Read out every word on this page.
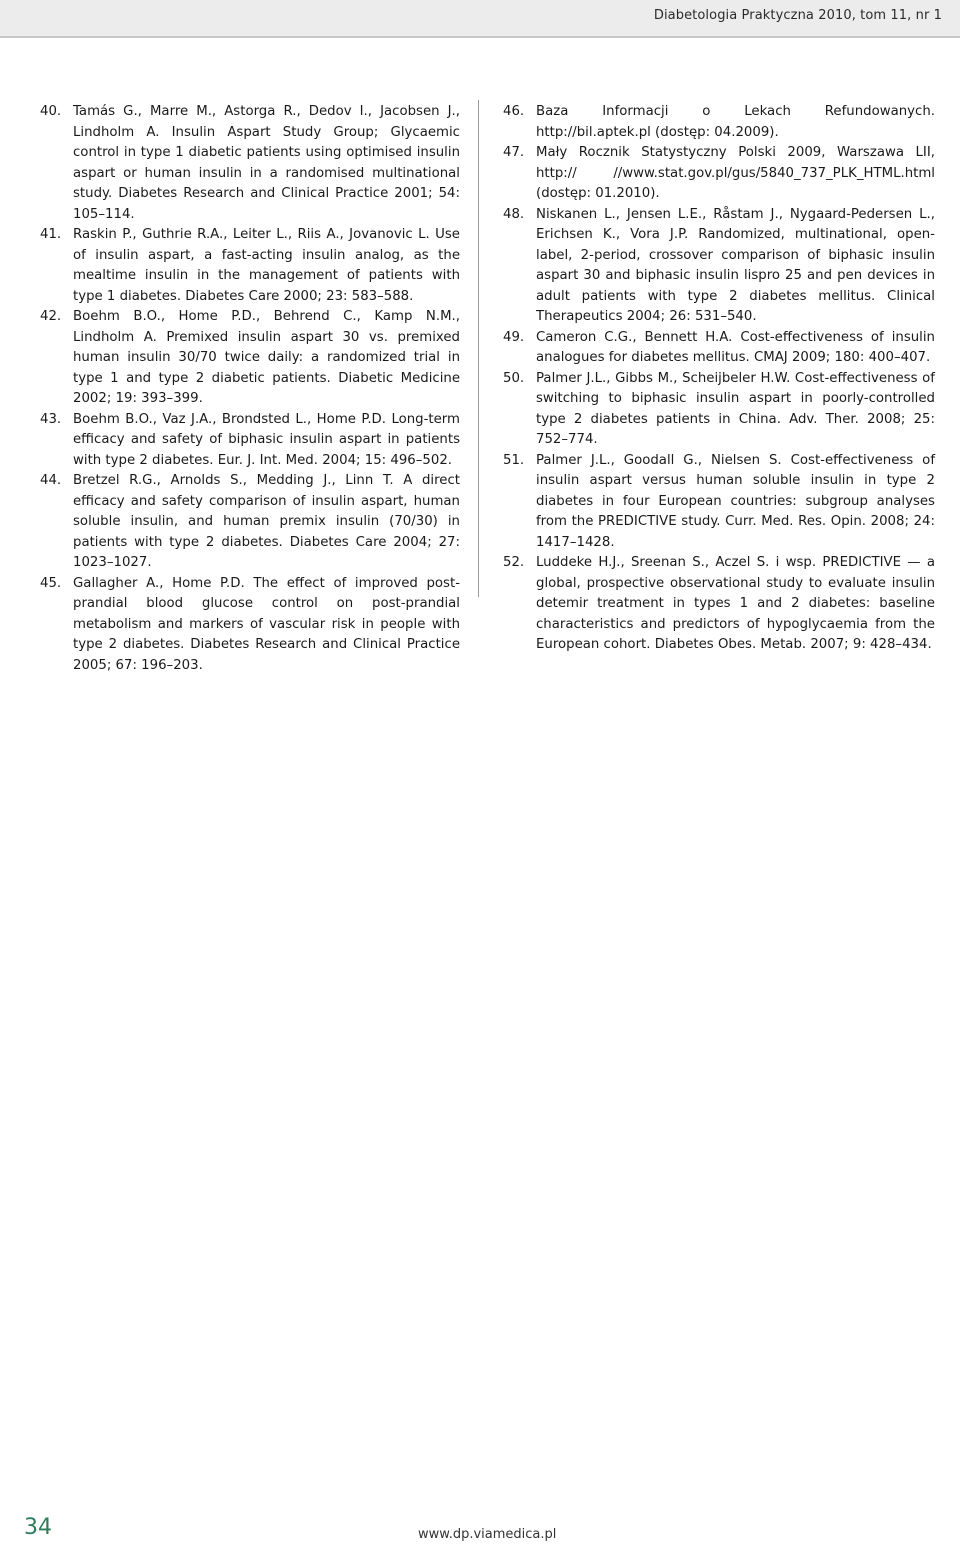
Diabetologia Praktyczna 2010, tom 11, nr 1
40. Tamás G., Marre M., Astorga R., Dedov I., Jacobsen J., Lindholm A. Insulin Aspart Study Group; Glycaemic control in type 1 diabetic patients using optimised insulin aspart or human insulin in a randomised multinational study. Diabetes Research and Clinical Practice 2001; 54: 105–114.
41. Raskin P., Guthrie R.A., Leiter L., Riis A., Jovanovic L. Use of insulin aspart, a fast-acting insulin analog, as the mealtime insulin in the management of patients with type 1 diabetes. Diabetes Care 2000; 23: 583–588.
42. Boehm B.O., Home P.D., Behrend C., Kamp N.M., Lindholm A. Premixed insulin aspart 30 vs. premixed human insulin 30/70 twice daily: a randomized trial in type 1 and type 2 diabetic patients. Diabetic Medicine 2002; 19: 393–399.
43. Boehm B.O., Vaz J.A., Brondsted L., Home P.D. Long-term efficacy and safety of biphasic insulin aspart in patients with type 2 diabetes. Eur. J. Int. Med. 2004; 15: 496–502.
44. Bretzel R.G., Arnolds S., Medding J., Linn T. A direct efficacy and safety comparison of insulin aspart, human soluble insulin, and human premix insulin (70/30) in patients with type 2 diabetes. Diabetes Care 2004; 27: 1023–1027.
45. Gallagher A., Home P.D. The effect of improved post-prandial blood glucose control on post-prandial metabolism and markers of vascular risk in people with type 2 diabetes. Diabetes Research and Clinical Practice 2005; 67: 196–203.
46. Baza Informacji o Lekach Refundowanych. http://bil.aptek.pl (dostęp: 04.2009).
47. Mały Rocznik Statystyczny Polski 2009, Warszawa LII, http:// //www.stat.gov.pl/gus/5840_737_PLK_HTML.html (dostęp: 01.2010).
48. Niskanen L., Jensen L.E., Råstam J., Nygaard-Pedersen L., Erichsen K., Vora J.P. Randomized, multinational, open-label, 2-period, crossover comparison of biphasic insulin aspart 30 and biphasic insulin lispro 25 and pen devices in adult patients with type 2 diabetes mellitus. Clinical Therapeutics 2004; 26: 531–540.
49. Cameron C.G., Bennett H.A. Cost-effectiveness of insulin analogues for diabetes mellitus. CMAJ 2009; 180: 400–407.
50. Palmer J.L., Gibbs M., Scheijbeler H.W. Cost-effectiveness of switching to biphasic insulin aspart in poorly-controlled type 2 diabetes patients in China. Adv. Ther. 2008; 25: 752–774.
51. Palmer J.L., Goodall G., Nielsen S. Cost-effectiveness of insulin aspart versus human soluble insulin in type 2 diabetes in four European countries: subgroup analyses from the PREDICTIVE study. Curr. Med. Res. Opin. 2008; 24: 1417–1428.
52. Luddeke H.J., Sreenan S., Aczel S. i wsp. PREDICTIVE — a global, prospective observational study to evaluate insulin detemir treatment in types 1 and 2 diabetes: baseline characteristics and predictors of hypoglycaemia from the European cohort. Diabetes Obes. Metab. 2007; 9: 428–434.
34	www.dp.viamedica.pl
